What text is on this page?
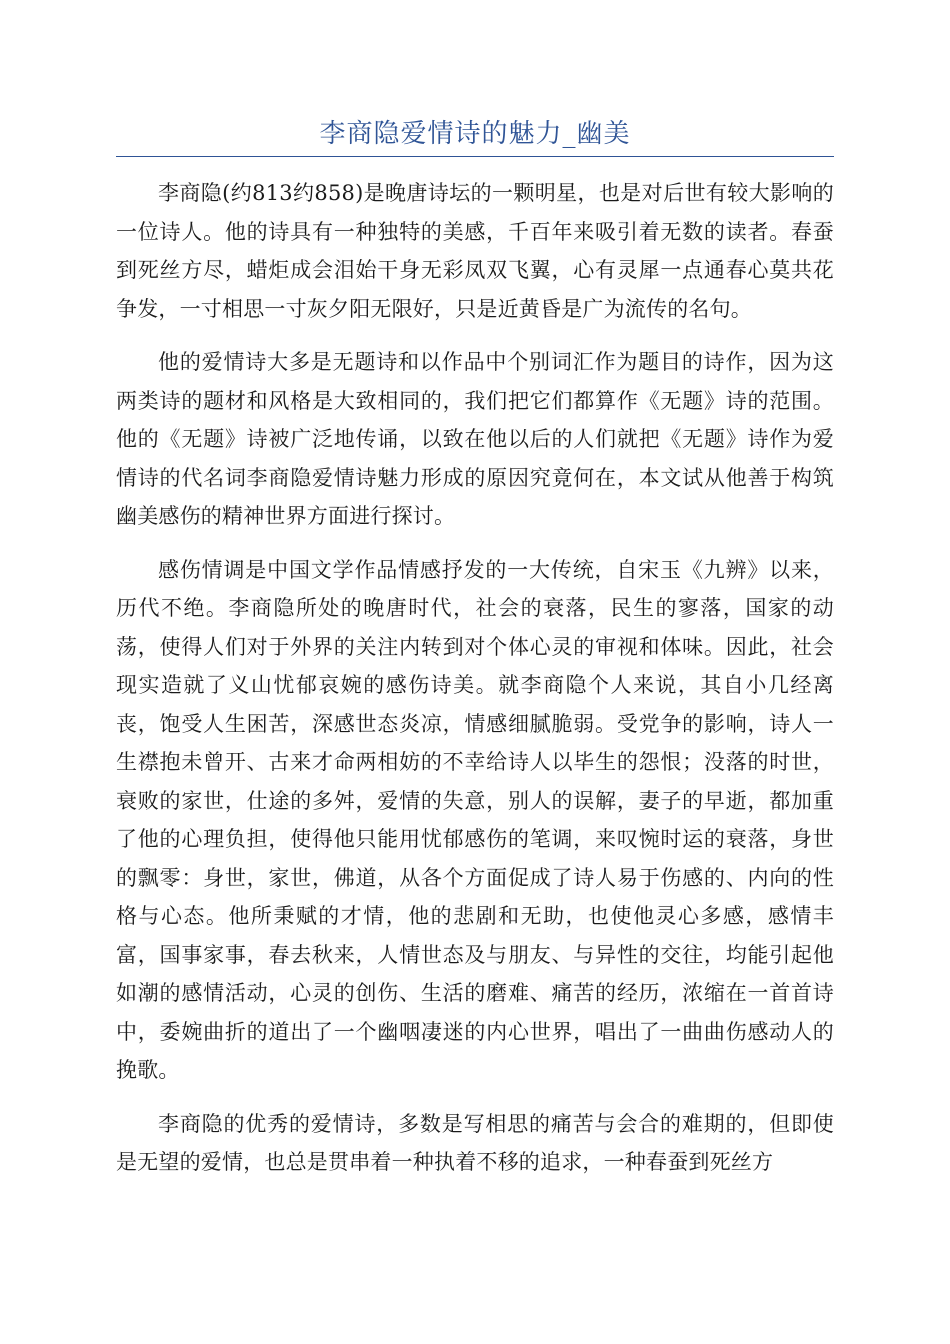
李商隐爱情诗的魅力_幽美

李商隐(约813约858)是晚唐诗坛的一颗明星，也是对后世有较大影响的一位诗人。他的诗具有一种独特的美感，千百年来吸引着无数的读者。春蚕到死丝方尽，蜡炬成会泪始干身无彩凤双飞翼，心有灵犀一点通春心莫共花争发，一寸相思一寸灰夕阳无限好，只是近黄昏是广为流传的名句。

他的爱情诗大多是无题诗和以作品中个别词汇作为题目的诗作，因为这两类诗的题材和风格是大致相同的，我们把它们都算作《无题》诗的范围。他的《无题》诗被广泛地传诵，以致在他以后的人们就把《无题》诗作为爱情诗的代名词李商隐爱情诗魅力形成的原因究竟何在，本文试从他善于构筑幽美感伤的精神世界方面进行探讨。

感伤情调是中国文学作品情感抒发的一大传统，自宋玉《九辨》以来，历代不绝。李商隐所处的晚唐时代，社会的衰落，民生的寥落，国家的动荡，使得人们对于外界的关注内转到对个体心灵的审视和体味。因此，社会现实造就了义山忧郁哀婉的感伤诗美。就李商隐个人来说，其自小几经离丧，饱受人生困苦，深感世态炎凉，情感细腻脆弱。受党争的影响，诗人一生襟抱未曾开、古来才命两相妨的不幸给诗人以毕生的怨恨；没落的时世，衰败的家世，仕途的多舛，爱情的失意，别人的误解，妻子的早逝，都加重了他的心理负担，使得他只能用忧郁感伤的笔调，来叹惋时运的衰落，身世的飘零：身世，家世，佛道，从各个方面促成了诗人易于伤感的、内向的性格与心态。他所秉赋的才情，他的悲剧和无助，也使他灵心多感，感情丰富，国事家事，春去秋来，人情世态及与朋友、与异性的交往，均能引起他如潮的感情活动，心灵的创伤、生活的磨难、痛苦的经历，浓缩在一首首诗中，委婉曲折的道出了一个幽咽凄迷的内心世界，唱出了一曲曲伤感动人的挽歌。

李商隐的优秀的爱情诗，多数是写相思的痛苦与会合的难期的，但即使是无望的爱情，也总是贯串着一种执着不移的追求，一种春蚕到死丝方
